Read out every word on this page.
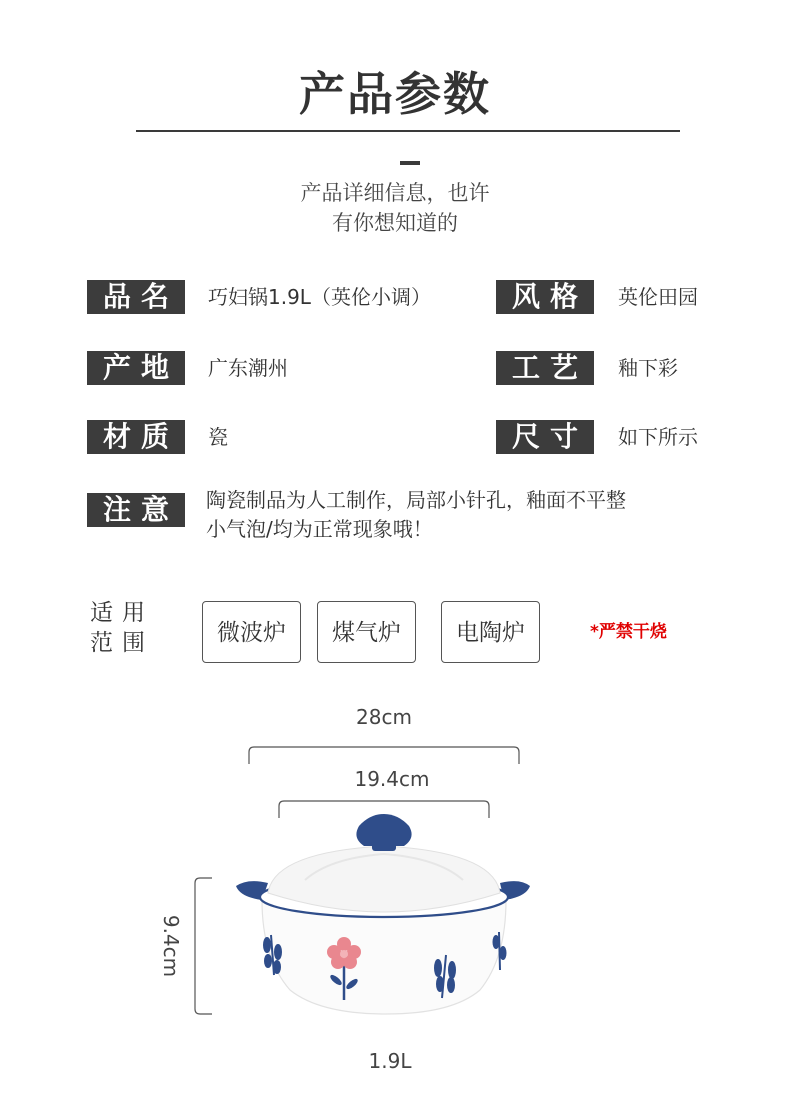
产品参数
产品详细信息，也许
有你想知道的
品名	巧妇锅1.9L（英伦小调）	风格	英伦田园
产地	广东潮州	工艺	釉下彩
材质	瓷	尺寸	如下所示
注意	陶瓷制品为人工制作，局部小针孔，釉面不平整
小气泡/均为正常现象哦！
适用
范围	微波炉	煤气炉	电陶炉	*严禁干烧
28cm
19.4cm
9.4cm
1.9L
